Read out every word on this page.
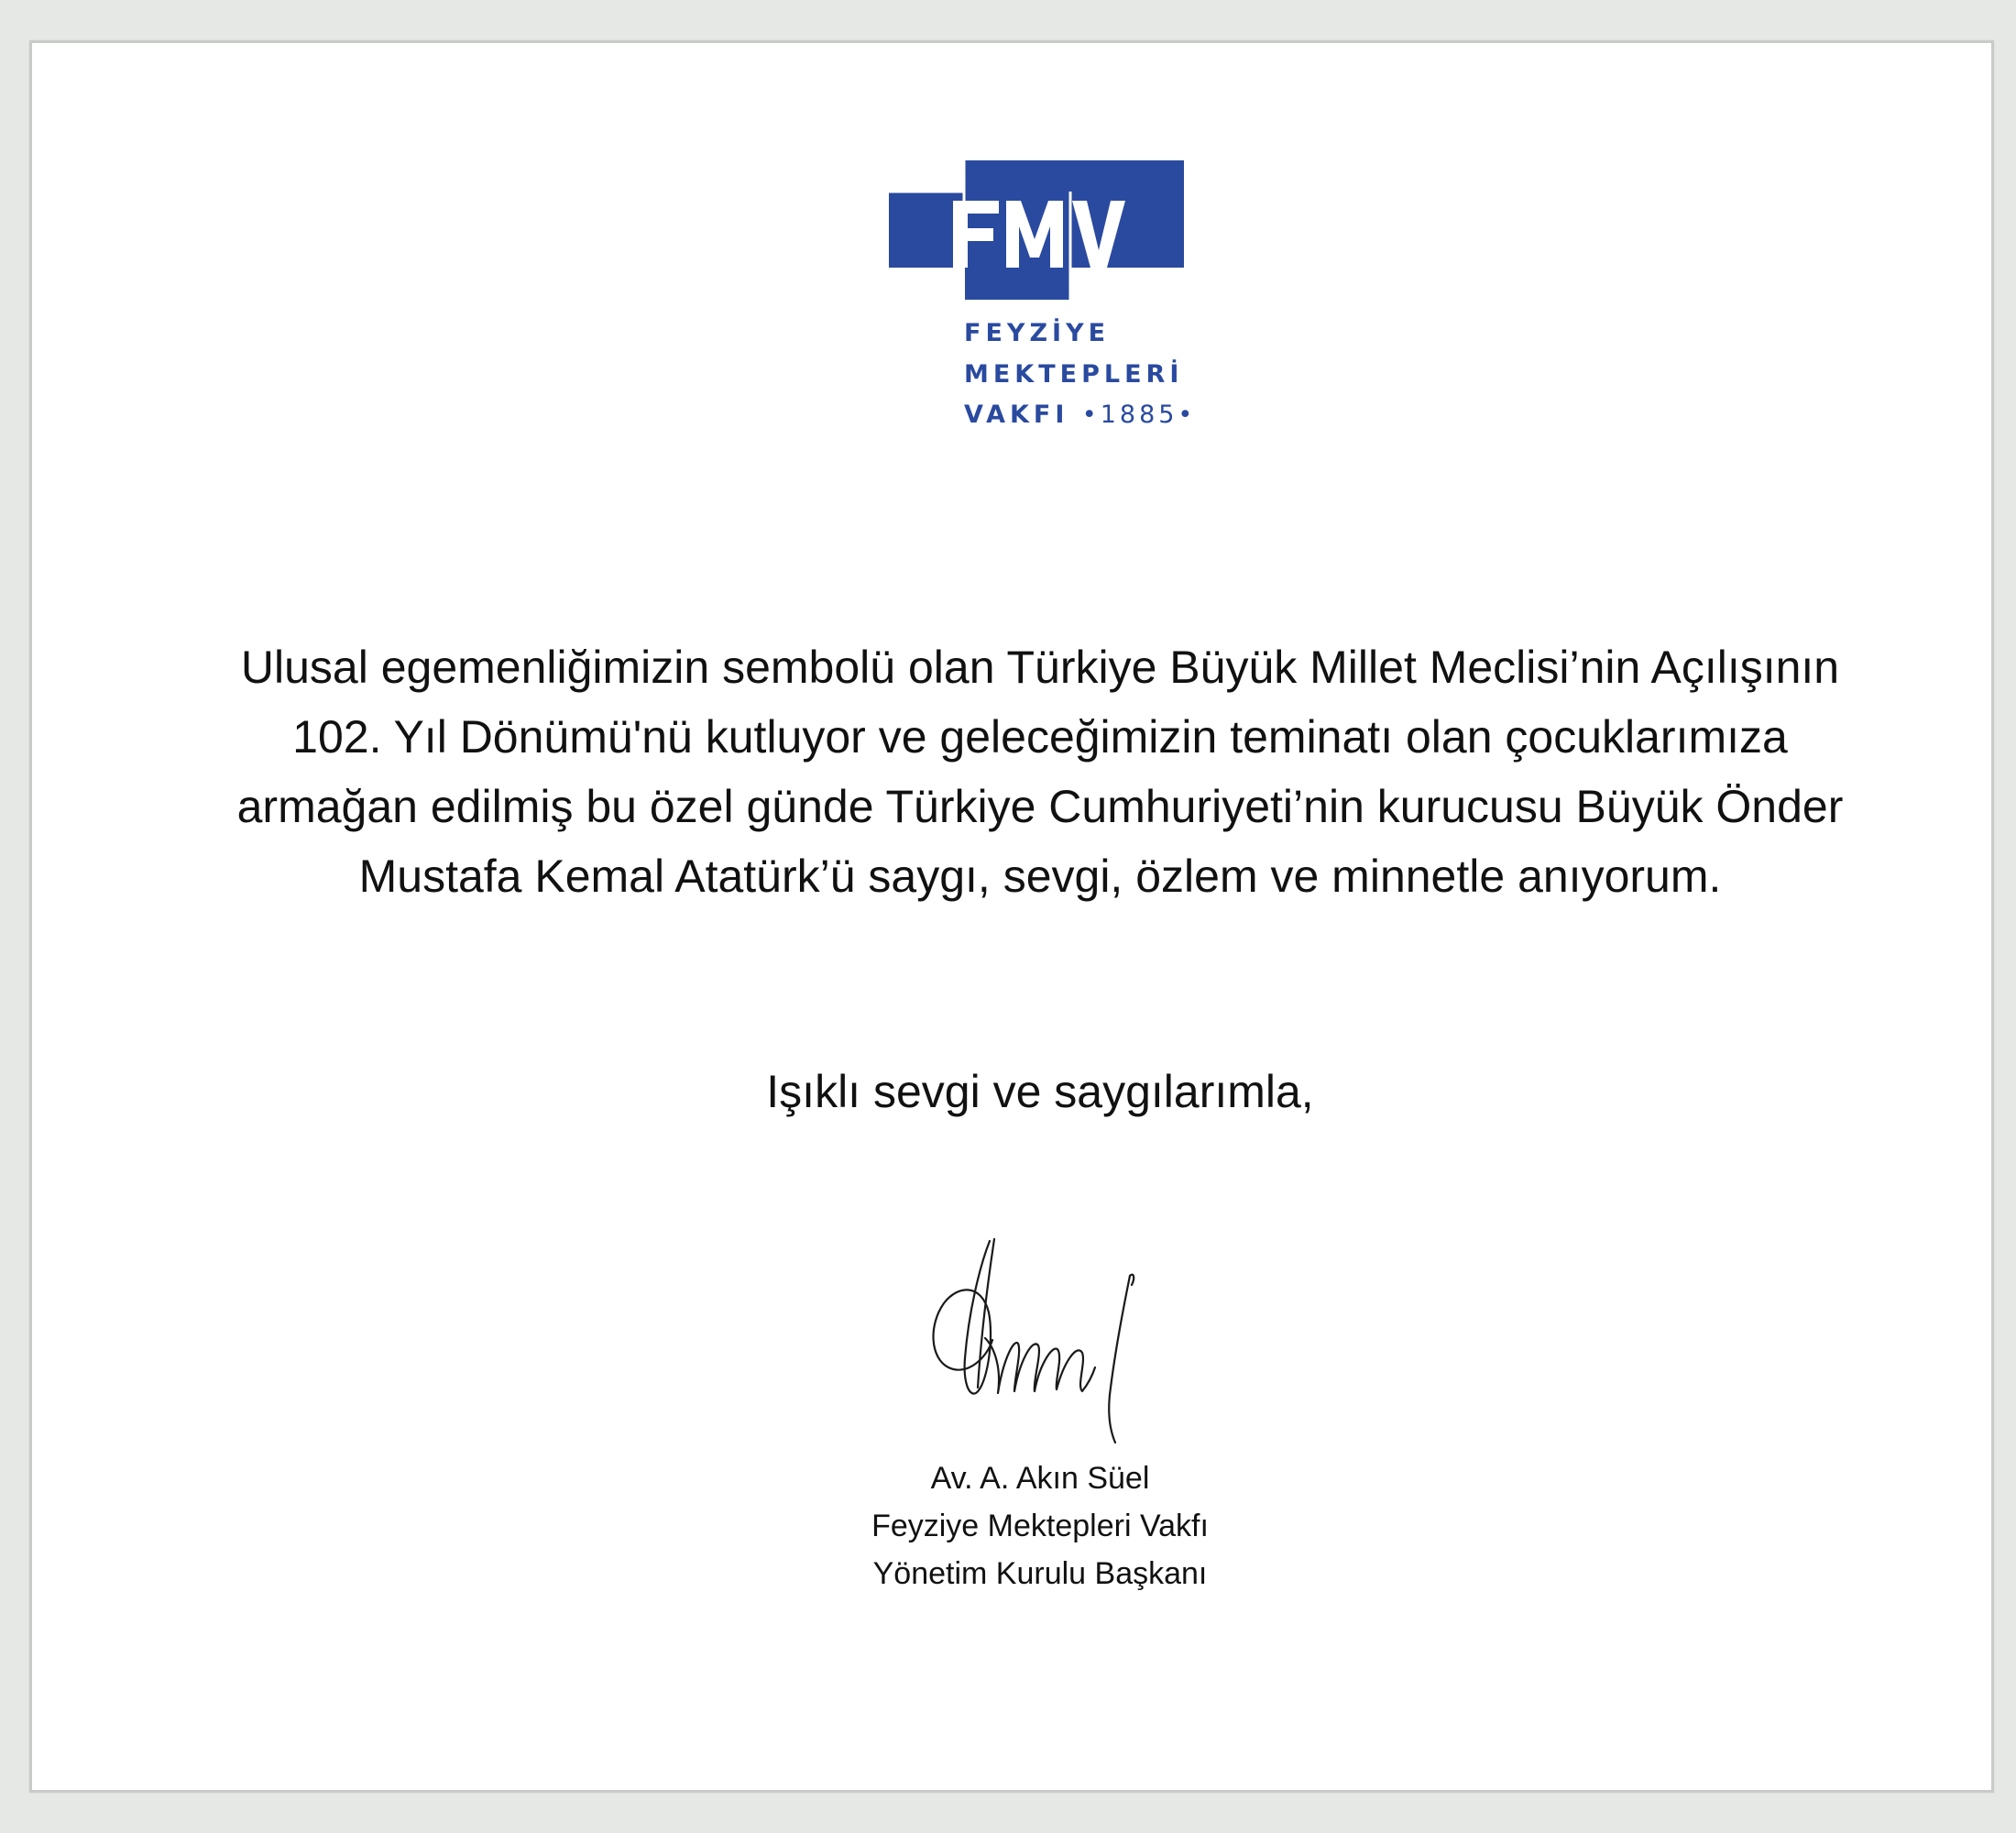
FEYZİYE
MEKTEPLERİ
VAKFI •1885•
Ulusal egemenliğimizin sembolü olan Türkiye Büyük Millet Meclisi’nin Açılışının
102. Yıl Dönümü'nü kutluyor ve geleceğimizin teminatı olan çocuklarımıza
armağan edilmiş bu özel günde Türkiye Cumhuriyeti’nin kurucusu Büyük Önder
Mustafa Kemal Atatürk’ü saygı, sevgi, özlem ve minnetle anıyorum.
Işıklı sevgi ve saygılarımla,
Av. A. Akın Süel
Feyziye Mektepleri Vakfı
Yönetim Kurulu Başkanı
